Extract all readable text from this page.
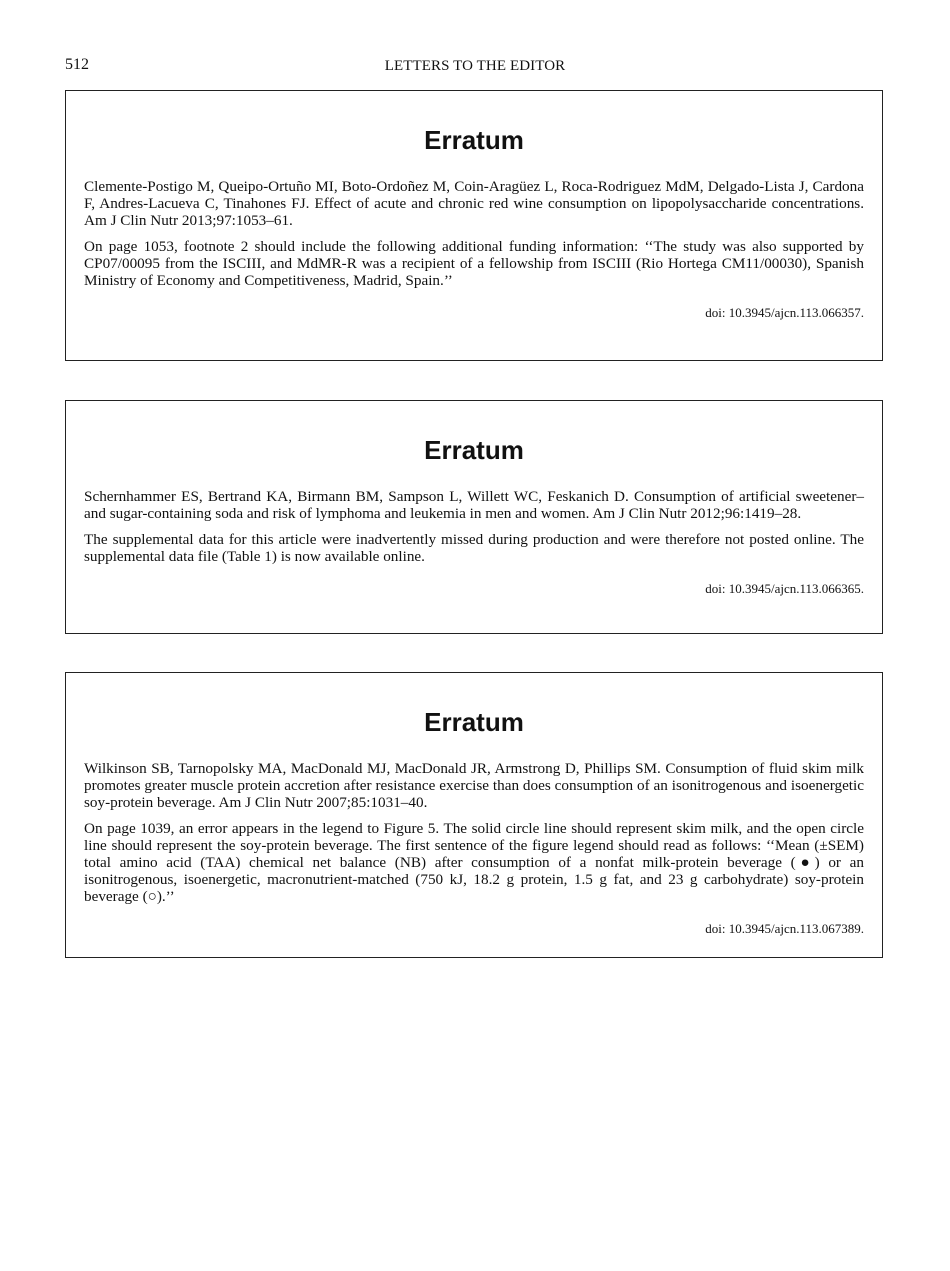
512	LETTERS TO THE EDITOR
Erratum

Clemente-Postigo M, Queipo-Ortuño MI, Boto-Ordoñez M, Coin-Aragüez L, Roca-Rodriguez MdM, Delgado-Lista J, Cardona F, Andres-Lacueva C, Tinahones FJ. Effect of acute and chronic red wine consumption on lipopolysaccharide concentrations. Am J Clin Nutr 2013;97:1053–61.

On page 1053, footnote 2 should include the following additional funding information: ‘‘The study was also supported by CP07/00095 from the ISCIII, and MdMR-R was a recipient of a fellowship from ISCIII (Rio Hortega CM11/00030), Spanish Ministry of Economy and Competitiveness, Madrid, Spain.’’

doi: 10.3945/ajcn.113.066357.
Erratum

Schernhammer ES, Bertrand KA, Birmann BM, Sampson L, Willett WC, Feskanich D. Consumption of artificial sweetener– and sugar-containing soda and risk of lymphoma and leukemia in men and women. Am J Clin Nutr 2012;96:1419–28.

The supplemental data for this article were inadvertently missed during production and were therefore not posted online. The supplemental data file (Table 1) is now available online.

doi: 10.3945/ajcn.113.066365.
Erratum

Wilkinson SB, Tarnopolsky MA, MacDonald MJ, MacDonald JR, Armstrong D, Phillips SM. Consumption of fluid skim milk promotes greater muscle protein accretion after resistance exercise than does consumption of an isonitrogenous and isoenergetic soy-protein beverage. Am J Clin Nutr 2007;85:1031–40.

On page 1039, an error appears in the legend to Figure 5. The solid circle line should represent skim milk, and the open circle line should represent the soy-protein beverage. The first sentence of the figure legend should read as follows: ‘‘Mean (±SEM) total amino acid (TAA) chemical net balance (NB) after consumption of a nonfat milk-protein beverage (●) or an isonitrogenous, isoenergetic, macronutrient-matched (750 kJ, 18.2 g protein, 1.5 g fat, and 23 g carbohydrate) soy-protein beverage (○).’’

doi: 10.3945/ajcn.113.067389.
